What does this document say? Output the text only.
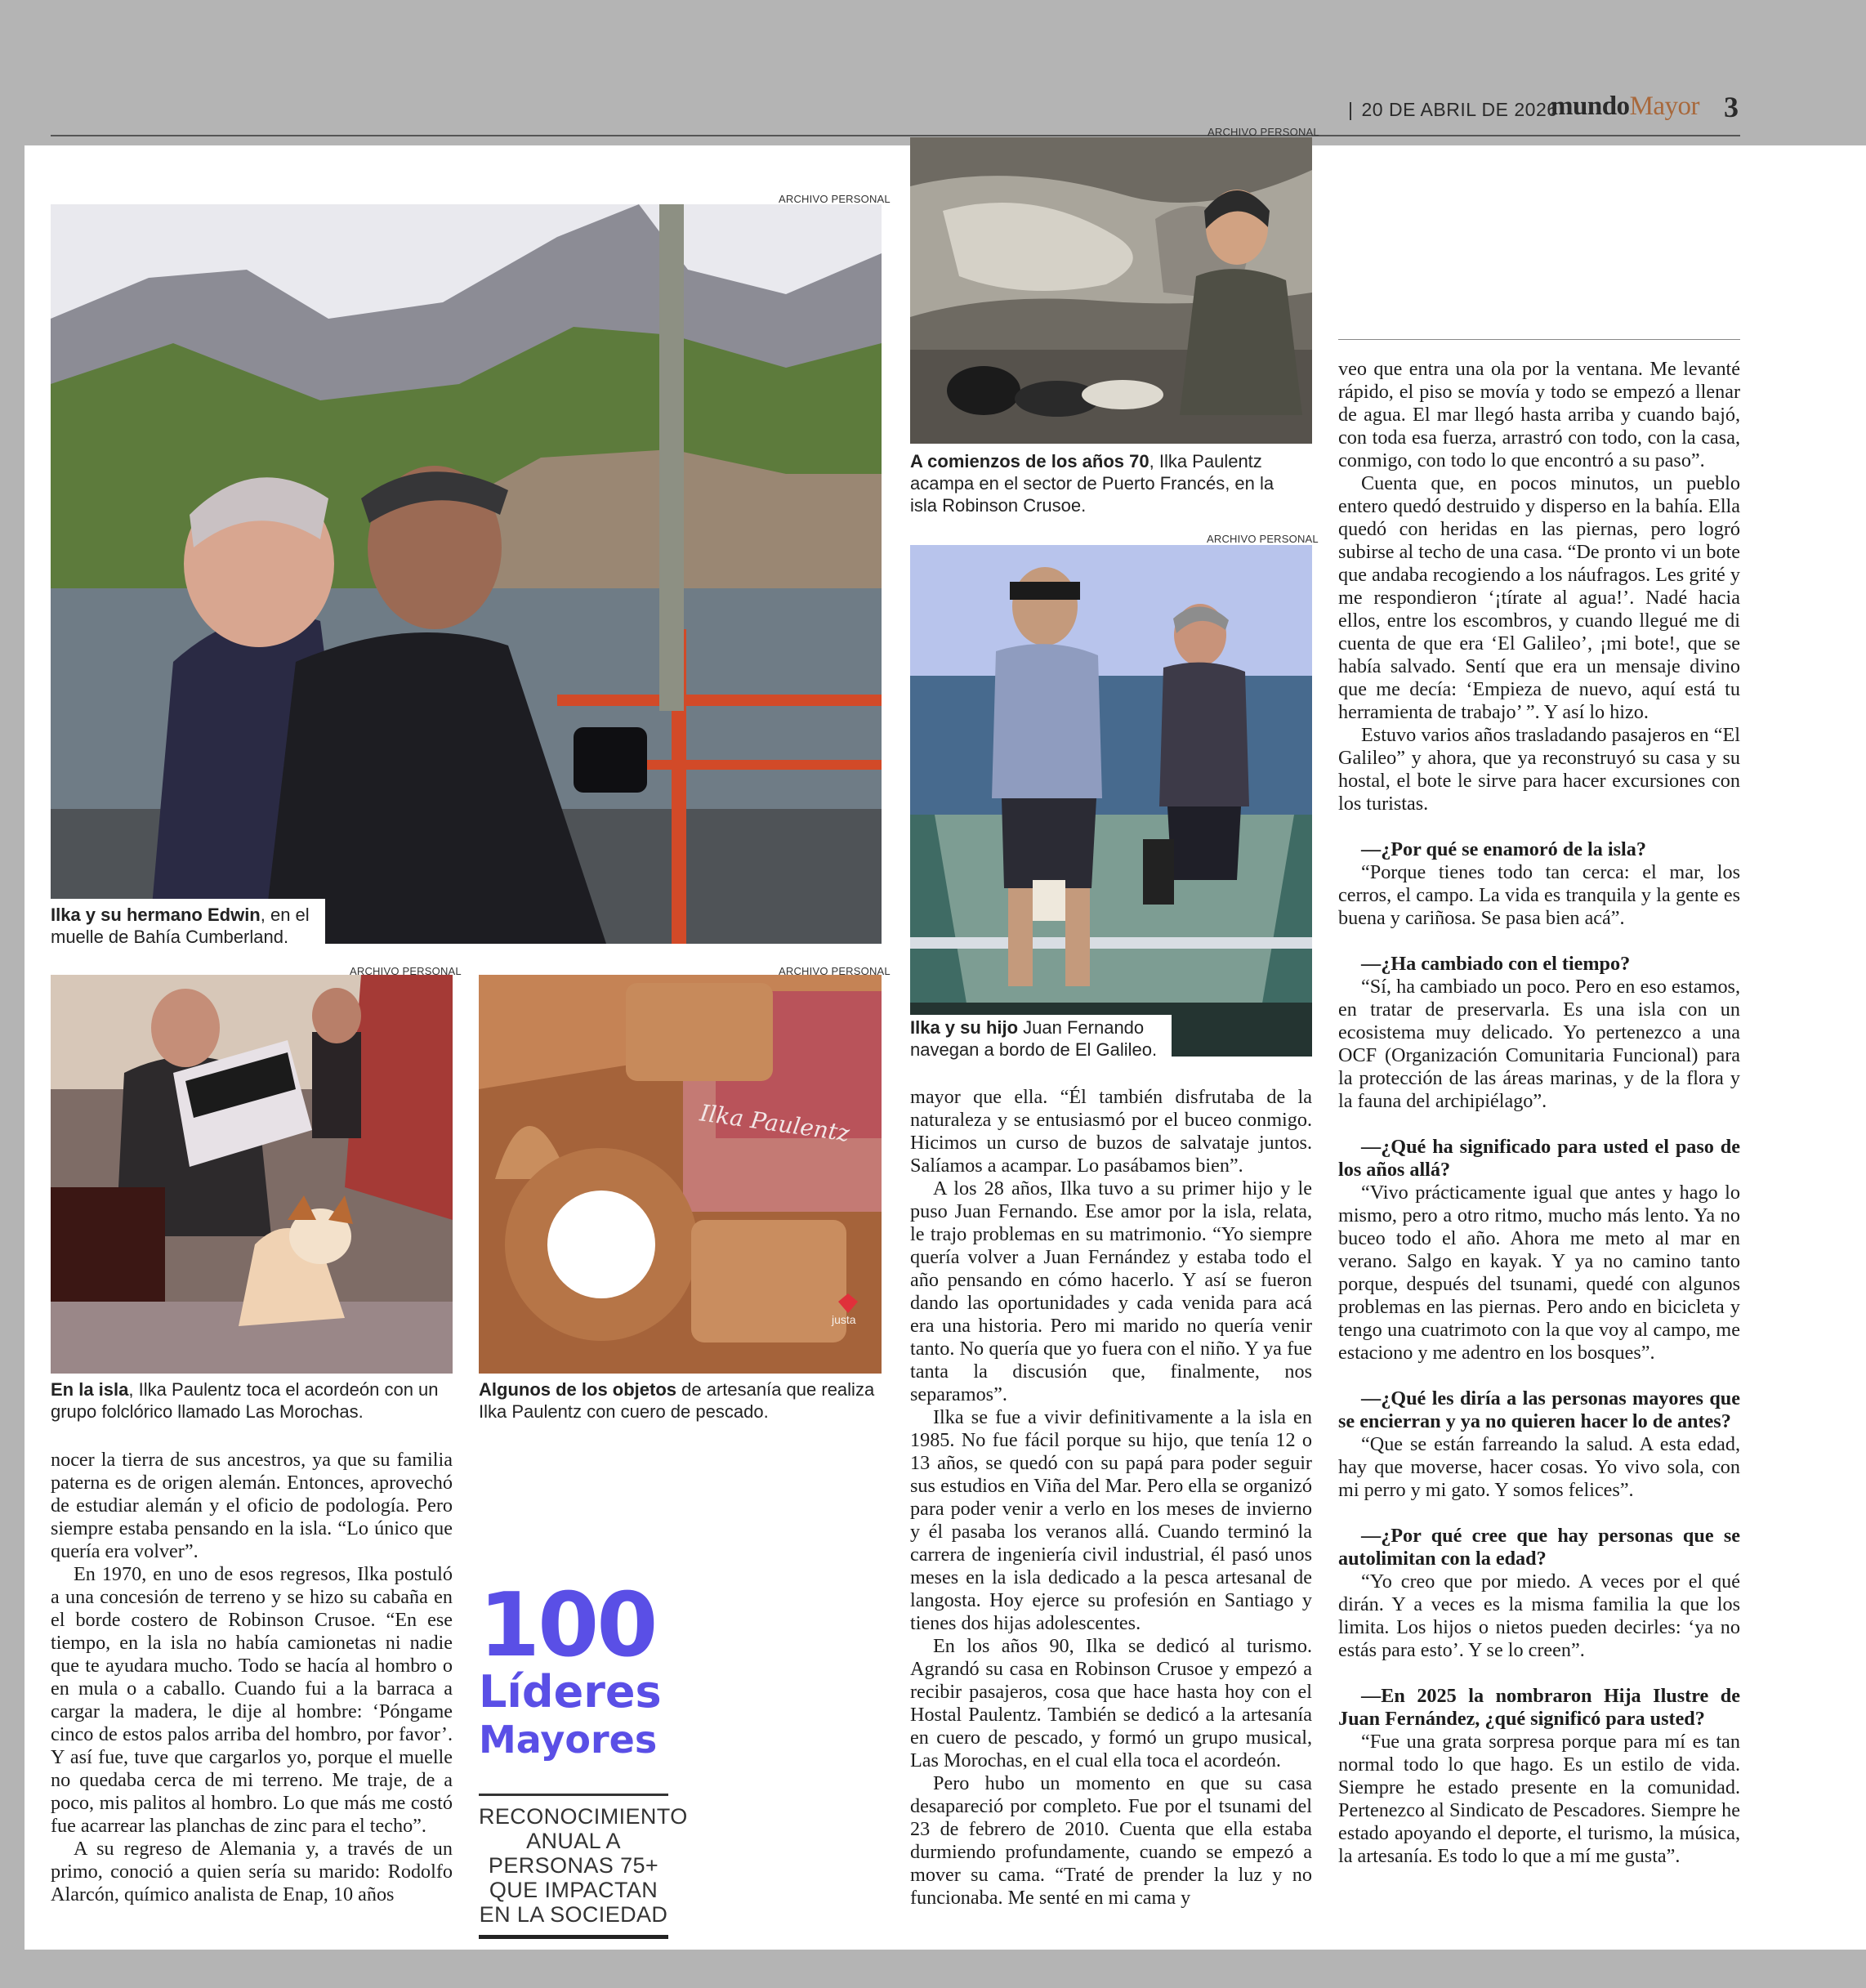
| 20 DE ABRIL DE 2026
mundoMayor 3
Ilka y su hermano Edwin, en el muelle de Bahía Cumberland.
ARCHIVO PERSONAL
ARCHIVO PERSONAL
A comienzos de los años 70, Ilka Paulentz acampa en el sector de Puerto Francés, en la isla Robinson Crusoe.
ARCHIVO PERSONAL
Ilka y su hijo Juan Fernando navegan a bordo de El Galileo.
ARCHIVO PERSONAL
En la isla, Ilka Paulentz toca el acordeón con un grupo folclórico llamado Las Morochas.
Ilka Paulentz
justa
ARCHIVO PERSONAL
Algunos de los objetos de artesanía que realiza Ilka Paulentz con cuero de pescado.

nocer la tierra de sus ancestros, ya que su familia paterna es de origen alemán. Entonces, aprovechó de estudiar alemán y el oficio de podología. Pero siempre estaba pensando en la isla. “Lo único que quería era volver”.

En 1970, en uno de esos regresos, Ilka postuló a una concesión de terreno y se hizo su cabaña en el borde costero de Robinson Crusoe. “En ese tiempo, en la isla no había camionetas ni nadie que te ayudara mucho. Todo se hacía al hombro o en mula o a caballo. Cuando fui a la barraca a cargar la madera, le dije al hombre: ‘Póngame cinco de estos palos arriba del hombro, por favor’. Y así fue, tuve que cargarlos yo, porque el muelle no quedaba cerca de mi terreno. Me traje, de a poco, mis palitos al hombro. Lo que más me costó fue acarrear las planchas de zinc para el techo”.

A su regreso de Alemania y, a través de un primo, conoció a quien sería su marido: Rodolfo Alarcón, químico analista de Enap, 10 años

100
Líderes
Mayores
RECONOCIMIENTO ANUAL A PERSONAS 75+ QUE IMPACTAN EN LA SOCIEDAD

mayor que ella. “Él también disfrutaba de la naturaleza y se entusiasmó por el buceo conmigo. Hicimos un curso de buzos de salvataje juntos. Salíamos a acampar. Lo pasábamos bien”.

A los 28 años, Ilka tuvo a su primer hijo y le puso Juan Fernando. Ese amor por la isla, relata, le trajo problemas en su matrimonio. “Yo siempre quería volver a Juan Fernández y estaba todo el año pensando en cómo hacerlo. Y así se fueron dando las oportunidades y cada venida para acá era una historia. Pero mi marido no quería venir tanto. No quería que yo fuera con el niño. Y ya fue tanta la discusión que, finalmente, nos separamos”.

Ilka se fue a vivir definitivamente a la isla en 1985. No fue fácil porque su hijo, que tenía 12 o 13 años, se quedó con su papá para poder seguir sus estudios en Viña del Mar. Pero ella se organizó para poder venir a verlo en los meses de invierno y él pasaba los veranos allá. Cuando terminó la carrera de ingeniería civil industrial, él pasó unos meses en la isla dedicado a la pesca artesanal de langosta. Hoy ejerce su profesión en Santiago y tienes dos hijas adolescentes.

En los años 90, Ilka se dedicó al turismo. Agrandó su casa en Robinson Crusoe y empezó a recibir pasajeros, cosa que hace hasta hoy con el Hostal Paulentz. También se dedicó a la artesanía en cuero de pescado, y formó un grupo musical, Las Morochas, en el cual ella toca el acordeón.

Pero hubo un momento en que su casa desapareció por completo. Fue por el tsunami del 23 de febrero de 2010. Cuenta que ella estaba durmiendo profundamente, cuando se empezó a mover su cama. “Traté de prender la luz y no funcionaba. Me senté en mi cama y

veo que entra una ola por la ventana. Me levanté rápido, el piso se movía y todo se empezó a llenar de agua. El mar llegó hasta arriba y cuando bajó, con toda esa fuerza, arrastró con todo, con la casa, conmigo, con todo lo que encontró a su paso”.

Cuenta que, en pocos minutos, un pueblo entero quedó destruido y disperso en la bahía. Ella quedó con heridas en las piernas, pero logró subirse al techo de una casa. “De pronto vi un bote que andaba recogiendo a los náufragos. Les grité y me respondieron ‘¡tírate al agua!’. Nadé hacia ellos, entre los escombros, y cuando llegué me di cuenta de que era ‘El Galileo’, ¡mi bote!, que se había salvado. Sentí que era un mensaje divino que me decía: ‘Empieza de nuevo, aquí está tu herramienta de trabajo’ ”. Y así lo hizo.

Estuvo varios años trasladando pasajeros en “El Galileo” y ahora, que ya reconstruyó su casa y su hostal, el bote le sirve para hacer excursiones con los turistas.

—¿Por qué se enamoró de la isla?

“Porque tienes todo tan cerca: el mar, los cerros, el campo. La vida es tranquila y la gente es buena y cariñosa. Se pasa bien acá”.

—¿Ha cambiado con el tiempo?

“Sí, ha cambiado un poco. Pero en eso estamos, en tratar de preservarla. Es una isla con un ecosistema muy delicado. Yo pertenezco a una OCF (Organización Comunitaria Funcional) para la protección de las áreas marinas, y de la flora y la fauna del archipiélago”.

—¿Qué ha significado para usted el paso de los años allá?

“Vivo prácticamente igual que antes y hago lo mismo, pero a otro ritmo, mucho más lento. Ya no buceo todo el año. Ahora me meto al mar en verano. Salgo en kayak. Y ya no camino tanto porque, después del tsunami, quedé con algunos problemas en las piernas. Pero ando en bicicleta y tengo una cuatrimoto con la que voy al campo, me estaciono y me adentro en los bosques”.

—¿Qué les diría a las personas mayores que se encierran y ya no quieren hacer lo de antes?

“Que se están farreando la salud. A esta edad, hay que moverse, hacer cosas. Yo vivo sola, con mi perro y mi gato. Y somos felices”.

—¿Por qué cree que hay personas que se autolimitan con la edad?

“Yo creo que por miedo. A veces por el qué dirán. Y a veces es la misma familia la que los limita. Los hijos o nietos pueden decirles: ‘ya no estás para esto’. Y se lo creen”.

—En 2025 la nombraron Hija Ilustre de Juan Fernández, ¿qué significó para usted?

“Fue una grata sorpresa porque para mí es tan normal todo lo que hago. Es un estilo de vida. Siempre he estado presente en la comunidad. Pertenezco al Sindicato de Pescadores. Siempre he estado apoyando el deporte, el turismo, la música, la artesanía. Es todo lo que a mí me gusta”.
